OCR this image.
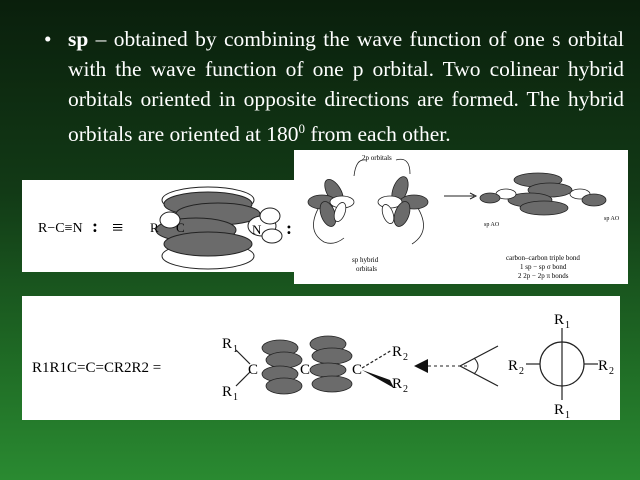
• sp – obtained by combining the wave function of one s orbital with the wave function of one p orbital. Two colinear hybrid orbitals oriented in opposite directions are formed. The hybrid orbitals are oriented at $180^0$ from each other.
R−C≡N : ≡ R C	N :
2p orbitals
sp AO
sp AO
sp hybrid
orbitals
carbon–carbon triple bond
1 sp − sp σ bond
2 2p − 2p π bonds
R1R1C=C=CR2R2 =
R 1
R 1
C	C	C
R 2
R 2
R 1
R 1
R 2	R 2
